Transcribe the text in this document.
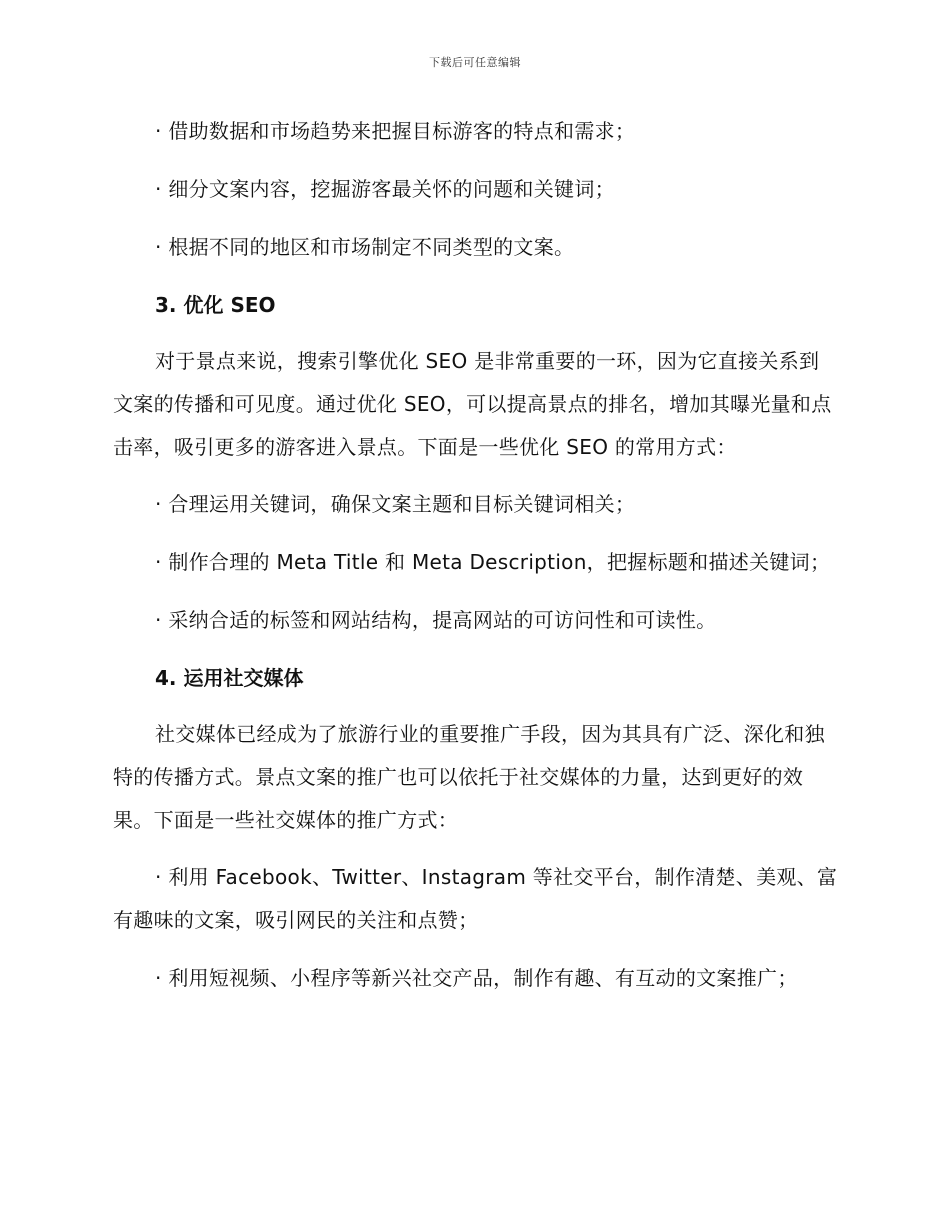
下载后可任意编辑

· 借助数据和市场趋势来把握目标游客的特点和需求；

· 细分文案内容，挖掘游客最关怀的问题和关键词；

· 根据不同的地区和市场制定不同类型的文案。

3. 优化 SEO

对于景点来说，搜索引擎优化 SEO 是非常重要的一环，因为它直接关系到文案的传播和可见度。通过优化 SEO，可以提高景点的排名，增加其曝光量和点击率，吸引更多的游客进入景点。下面是一些优化 SEO 的常用方式：

· 合理运用关键词，确保文案主题和目标关键词相关；

· 制作合理的 Meta Title 和 Meta Description，把握标题和描述关键词；

· 采纳合适的标签和网站结构，提高网站的可访问性和可读性。

4. 运用社交媒体

社交媒体已经成为了旅游行业的重要推广手段，因为其具有广泛、深化和独特的传播方式。景点文案的推广也可以依托于社交媒体的力量，达到更好的效果。下面是一些社交媒体的推广方式：

· 利用 Facebook、Twitter、Instagram 等社交平台，制作清楚、美观、富有趣味的文案，吸引网民的关注和点赞；

· 利用短视频、小程序等新兴社交产品，制作有趣、有互动的文案推广；
